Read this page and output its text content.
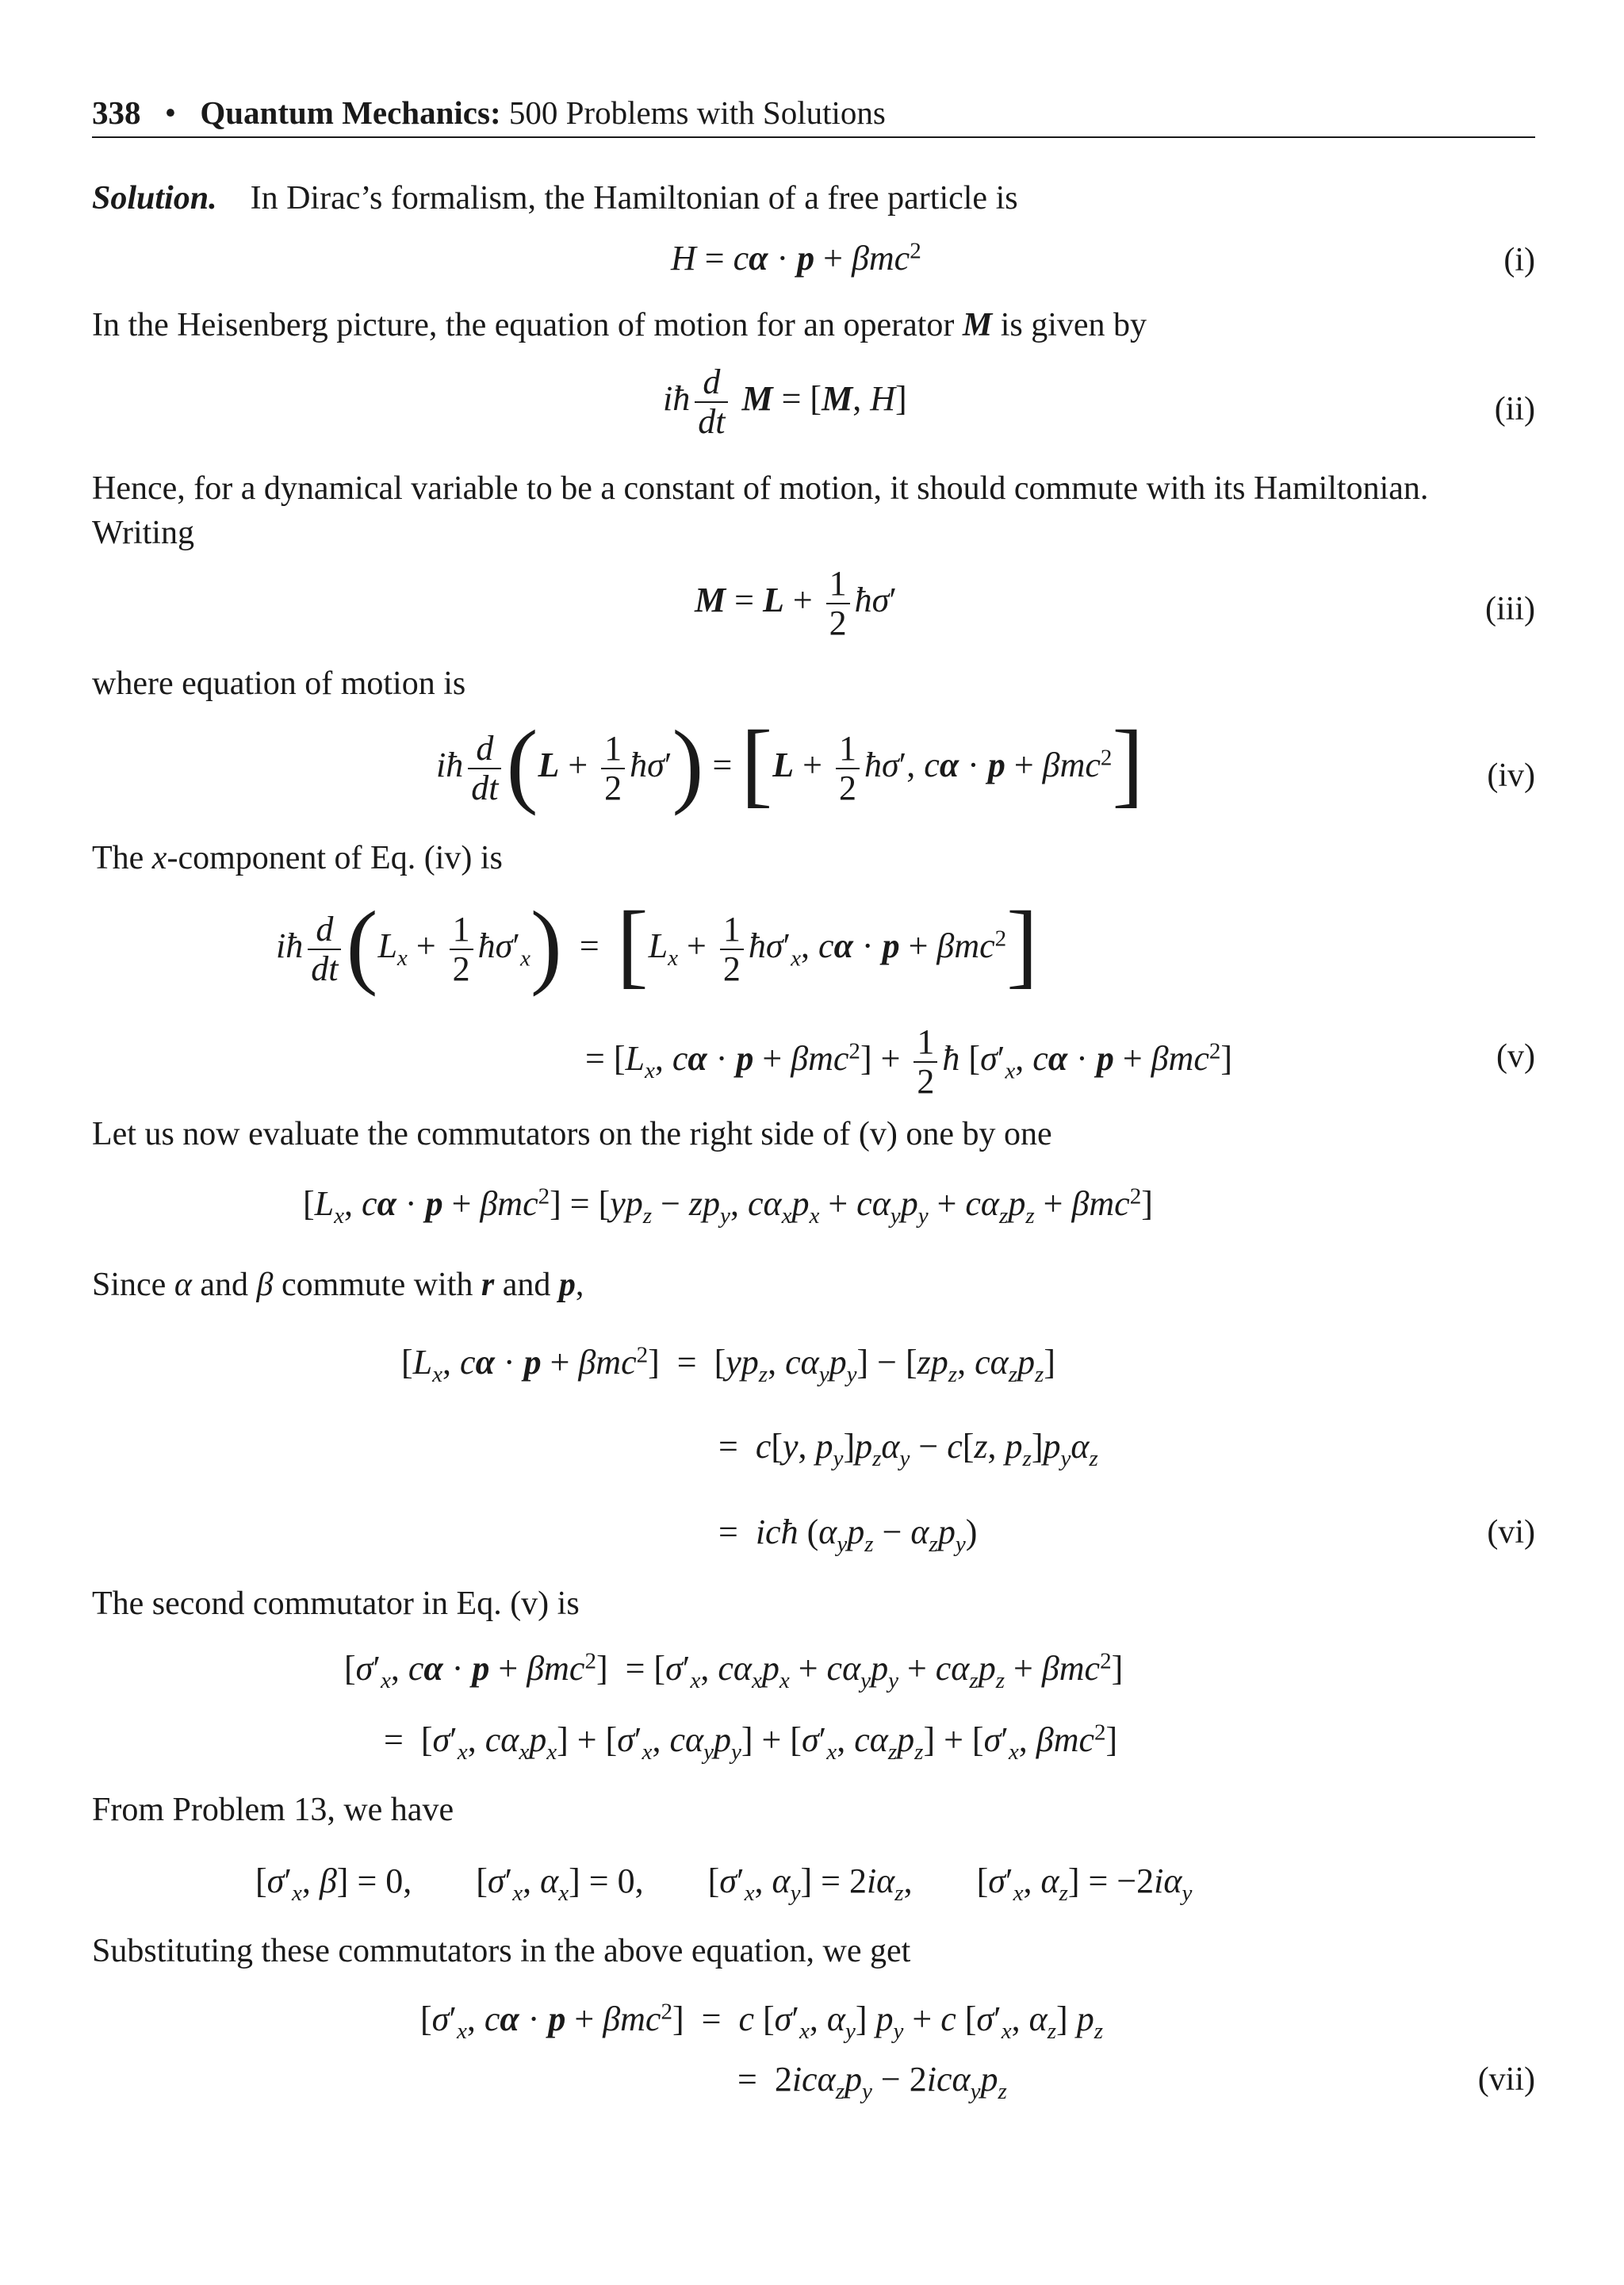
338 • Quantum Mechanics: 500 Problems with Solutions
Solution. In Dirac’s formalism, the Hamiltonian of a free particle is
H = cα · p + βmc$^2$	(i)
In the Heisenberg picture, the equation of motion for an operator M is given by
iħ $\frac{d}{dt}$ M = [M, H]	(ii)
Hence, for a dynamical variable to be a constant of motion, it should commute with its Hamiltonian. Writing
$M = L + \frac{1}{2}$ ħσ′	(iii)
where equation of motion is
iħ $\frac{d}{dt} (L + \frac{1}{2}$ ħσ′) = [$L + \frac{1}{2}$ ħσ′, cα · p + βmc$^2$]	(iv)
The x-component of Eq. (iv) is
iħ $\frac{d}{dt} (L_x + \frac{1}{2}$ $ħ\sigma'_x) = [L_x + \frac{1}{2}$ $ħ\sigma'_x$, cα · p + βmc$^2$]
= [$L_x$, $c\alpha \cdot p + \beta mc^2] + \frac{1}{2}$ ħ [$\sigma'_x$, cα · p + βmc$^2$]	(v)
Let us now evaluate the commutators on the right side of (v) one by one
[$L_x$, $c\alpha \cdot p + \beta mc^2] = [yp_z - zp_y$, $c\alpha_xp_x + c\alpha_yp_y + c\alpha_zp_z + \beta mc^2$]
Since α and β commute with r and p,
[$L_x$, $c\alpha \cdot p + \beta mc^2] = [yp_z$, $c\alpha_yp_y] - [zp_z$, $c\alpha_zp_z$]
=  c[y, $p_y]p_z\alpha_y - c[z$, $p_z]p_y\alpha_z$
=  icħ $(\alpha_yp_z - \alpha_zp_y)$	(vi)
The second commutator in Eq. (v) is
[$\sigma'_x$, $c\alpha \cdot p + \beta mc^2] = [\sigma'_x$, $c\alpha_xp_x + c\alpha_yp_y + c\alpha_zp_z + \beta mc^2$]
=  [$\sigma'_x$, $c\alpha_xp_x] + [\sigma'_x$, $c\alpha_yp_y] + [\sigma'_x$, $c\alpha_zp_z] + [\sigma'_x$, βmc$^2$]
From Problem 13, we have
[$\sigma'_x$, β] = 0, [$\sigma'_x$, $\alpha_x] = 0$, [$\sigma'_x$, $\alpha_y] = 2i\alpha_z$, [$\sigma'_x$, $\alpha_z] = -2i\alpha_y$
Substituting these commutators in the above equation, we get
[$\sigma'_x$, cα · p + βmc$^2$]  =  c [$\sigma'_x$, $\alpha_y$] $p_y + c$ [$\sigma'_x$, $\alpha_z$] $p_z$
=  $2ic\alpha_zp_y - 2ic\alpha_yp_z$	(vii)
